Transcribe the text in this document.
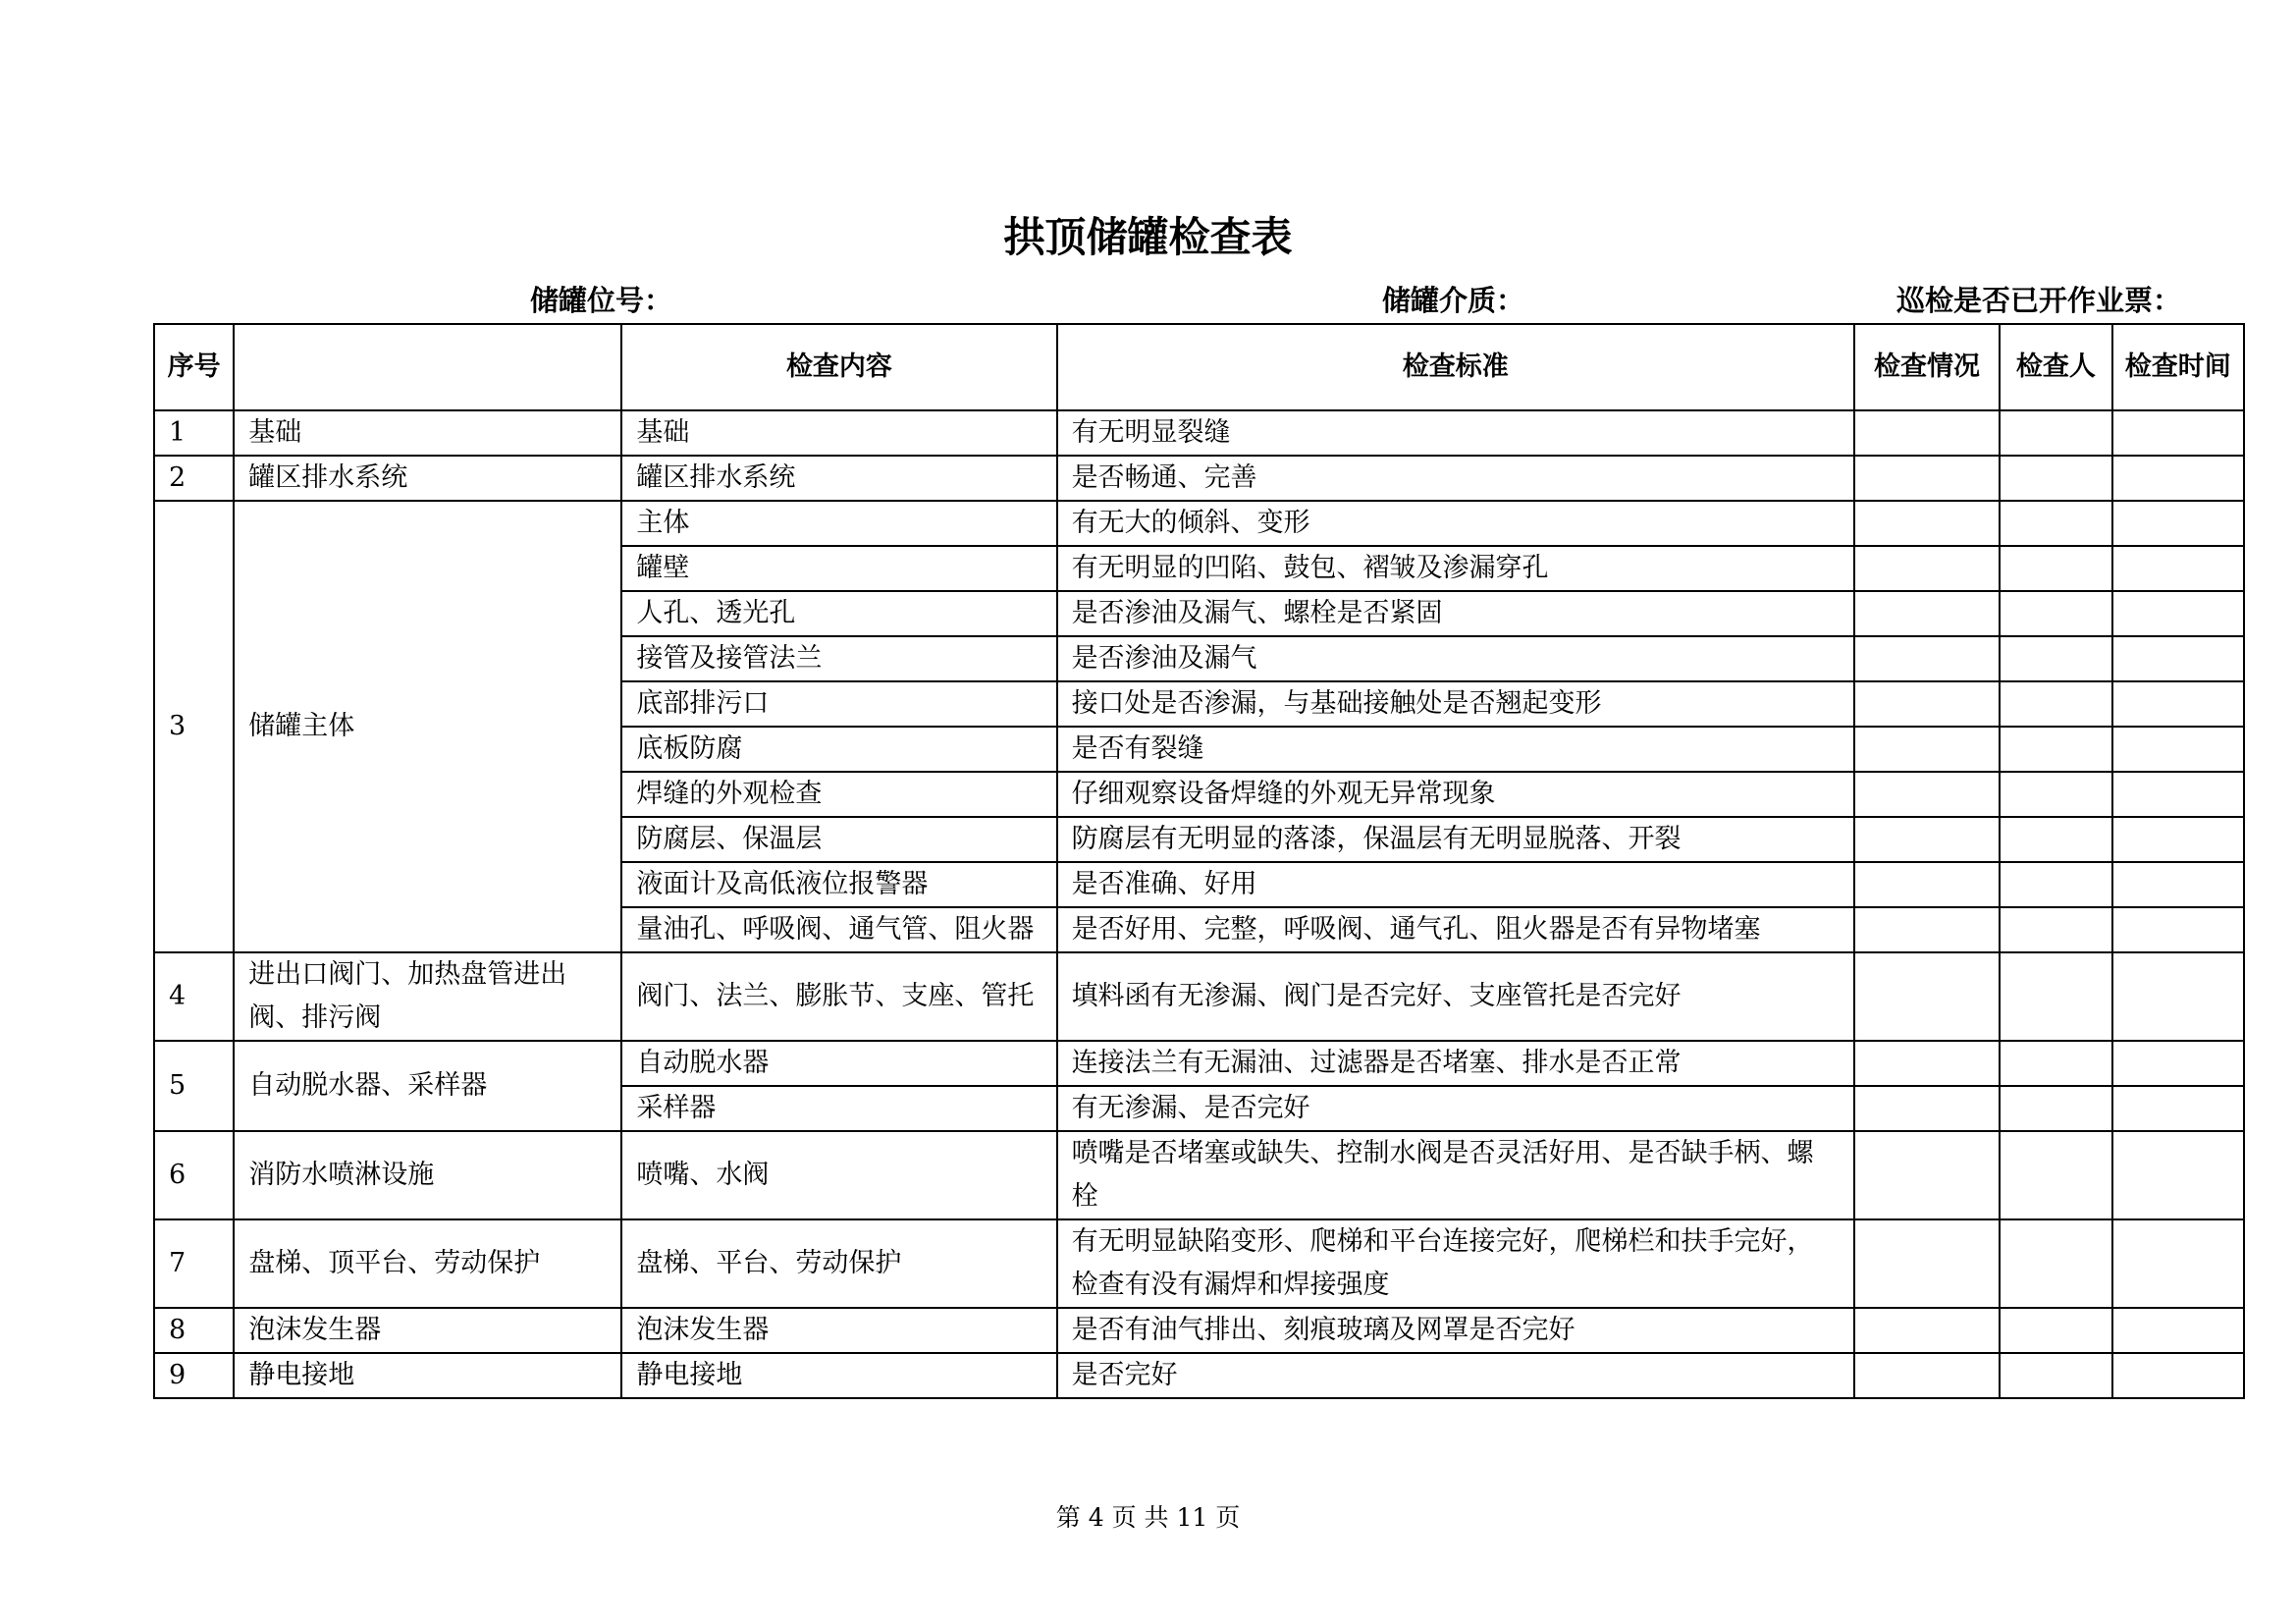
拱顶储罐检查表
储罐位号：	储罐介质：	巡检是否已开作业票：
序号		检查内容	检查标准	检查情况	检查人	检查时间
1	基础	基础	有无明显裂缝			
2	罐区排水系统	罐区排水系统	是否畅通、完善			
3	储罐主体	主体	有无大的倾斜、变形			
		罐壁	有无明显的凹陷、鼓包、褶皱及渗漏穿孔			
		人孔、透光孔	是否渗油及漏气、螺栓是否紧固			
		接管及接管法兰	是否渗油及漏气			
		底部排污口	接口处是否渗漏，与基础接触处是否翘起变形			
		底板防腐	是否有裂缝			
		焊缝的外观检查	仔细观察设备焊缝的外观无异常现象			
		防腐层、保温层	防腐层有无明显的落漆，保温层有无明显脱落、开裂			
		液面计及高低液位报警器	是否准确、好用			
		量油孔、呼吸阀、通气管、阻火器	是否好用、完整，呼吸阀、通气孔、阻火器是否有异物堵塞			
4	进出口阀门、加热盘管进出阀、排污阀	阀门、法兰、膨胀节、支座、管托	填料函有无渗漏、阀门是否完好、支座管托是否完好			
5	自动脱水器、采样器	自动脱水器	连接法兰有无漏油、过滤器是否堵塞、排水是否正常			
		采样器	有无渗漏、是否完好			
6	消防水喷淋设施	喷嘴、水阀	喷嘴是否堵塞或缺失、控制水阀是否灵活好用、是否缺手柄、螺栓			
7	盘梯、顶平台、劳动保护	盘梯、平台、劳动保护	有无明显缺陷变形、爬梯和平台连接完好，爬梯栏和扶手完好，检查有没有漏焊和焊接强度			
8	泡沫发生器	泡沫发生器	是否有油气排出、刻痕玻璃及网罩是否完好			
9	静电接地	静电接地	是否完好			
第 4 页 共 11 页
